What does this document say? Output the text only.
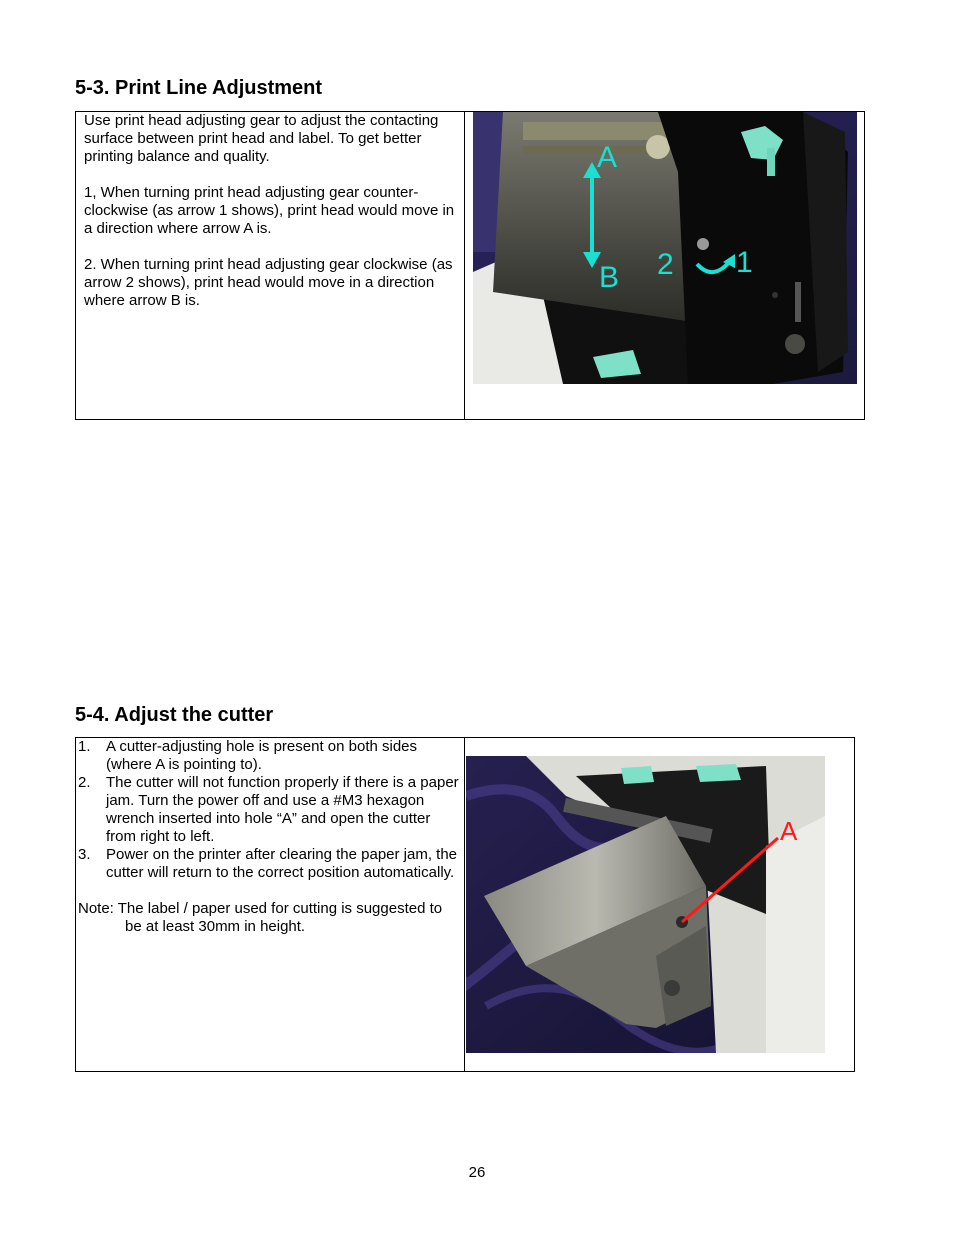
5-3. Print Line Adjustment

Use print head adjusting gear to adjust the contacting surface between print head and label. To get better printing balance and quality.

1, When turning print head adjusting gear counter-clockwise (as arrow 1 shows), print head would move in a direction where arrow A is.

2. When turning print head adjusting gear clockwise (as arrow 2 shows), print head would move in a direction where arrow B is.

A
B 2 1
5-4. Adjust the cutter
1. A cutter-adjusting hole is present on both sides (where A is pointing to).
2. The cutter will not function properly if there is a paper jam. Turn the power off and use a #M3 hexagon wrench inserted into hole “A” and open the cutter from right to left.
3. Power on the printer after clearing the paper jam, the cutter will return to the correct position automatically.

Note: The label / paper used for cutting is suggested to

be at least 30mm in height.

A
26
